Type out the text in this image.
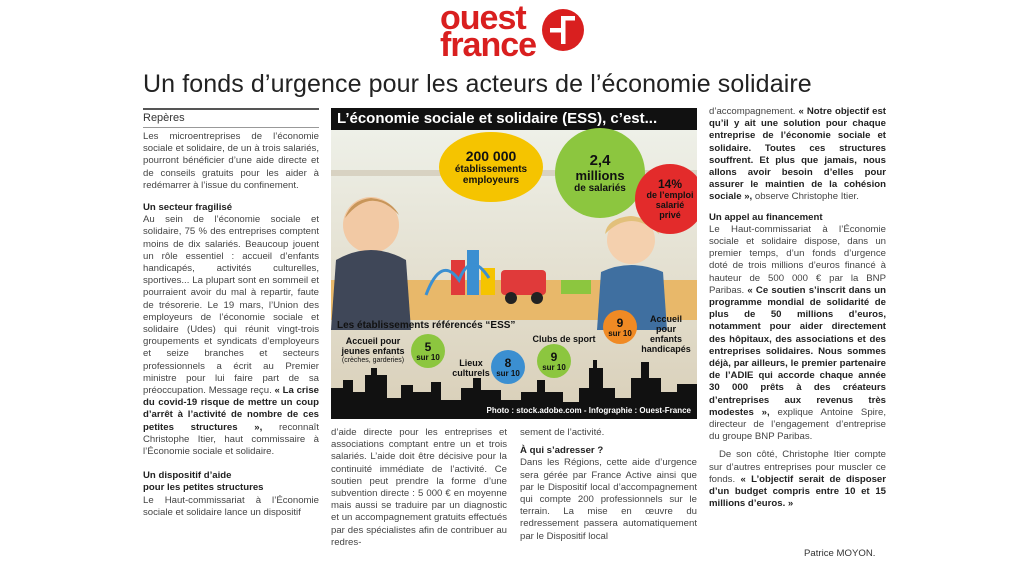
ouest
france
Un fonds d’urgence pour les acteurs de l’économie solidaire
Repères

Les microentreprises de l’économie sociale et solidaire, de un à trois salariés, pourront bénéficier d’une aide directe et de conseils gratuits pour les aider à redémarrer à l’issue du confinement.

Un secteur fragilisé

Au sein de l’économie sociale et solidaire, 75 % des entreprises comptent moins de dix salariés. Beaucoup jouent un rôle essentiel : accueil d’enfants handicapés, activités culturelles, sportives... La plupart sont en sommeil et pourraient avoir du mal à repartir, faute de trésorerie. Le 19 mars, l’Union des employeurs de l’économie sociale et solidaire (Udes) qui réunit vingt-trois groupements et syndicats d’employeurs et seize branches et secteurs professionnels a écrit au Premier ministre pour lui faire part de sa préoccupation. Message reçu. « La crise du covid-19 risque de mettre un coup d’arrêt à l’activité de nombre de ces petites structures », reconnaît Christophe Itier, haut commissaire à l’Économie sociale et solidaire.

Un dispositif d’aide
pour les petites structures

Le Haut-commissariat à l’Économie sociale et solidaire lance un dispositif

L’économie sociale et solidaire (ESS), c’est...
200 000
établissements
employeurs
2,4
millions
de salariés	14%
de l’emploi
salarié
privé
Les établissements référencés “ESS”
Accueil pour
jeunes enfants
(crèches, garderies)
5
sur 10
Lieux
culturels
8
sur 10
Clubs de sport
9
sur 10
9
sur 10
Accueil
pour
enfants
handicapés
Photo : stock.adobe.com - Infographie : Ouest-France

d’aide directe pour les entreprises et associations comptant entre un et trois salariés. L’aide doit être décisive pour la continuité immédiate de l’activité. Ce soutien peut prendre la forme d’une subvention directe : 5 000 € en moyenne mais aussi se traduire par un diagnostic et un accompagnement gratuits effectués par des spécialistes afin de contribuer au redres-

sement de l’activité.

À qui s’adresser ?

Dans les Régions, cette aide d’urgence sera gérée par France Active ainsi que par le Dispositif local d’accompagnement qui compte 200 professionnels sur le terrain. La mise en œuvre du redressement passera automatiquement par le Dispositif local

d’accompagnement. « Notre objectif est qu’il y ait une solution pour chaque entreprise de l’économie sociale et solidaire. Toutes ces structures souffrent. Et plus que jamais, nous allons avoir besoin d’elles pour assurer le maintien de la cohésion sociale », observe Christophe Itier.

Un appel au financement

Le Haut-commissariat à l’Économie sociale et solidaire dispose, dans un premier temps, d’un fonds d’urgence doté de trois millions d’euros financé à hauteur de 500 000 € par la BNP Paribas. « Ce soutien s’inscrit dans un programme mondial de solidarité de plus de 50 millions d’euros, notamment pour aider directement des hôpitaux, des associations et des entreprises solidaires. Nous sommes déjà, par ailleurs, le premier partenaire de l’ADIE qui accorde chaque année 30 000 prêts à des créateurs d’entreprises aux revenus très modestes », explique Antoine Spire, directeur de l’engagement d’entreprise du groupe BNP Paribas.

De son côté, Christophe Itier compte sur d’autres entreprises pour muscler ce fonds. « L’objectif serait de disposer d’un budget compris entre 10 et 15 millions d’euros. »

Patrice MOYON.
